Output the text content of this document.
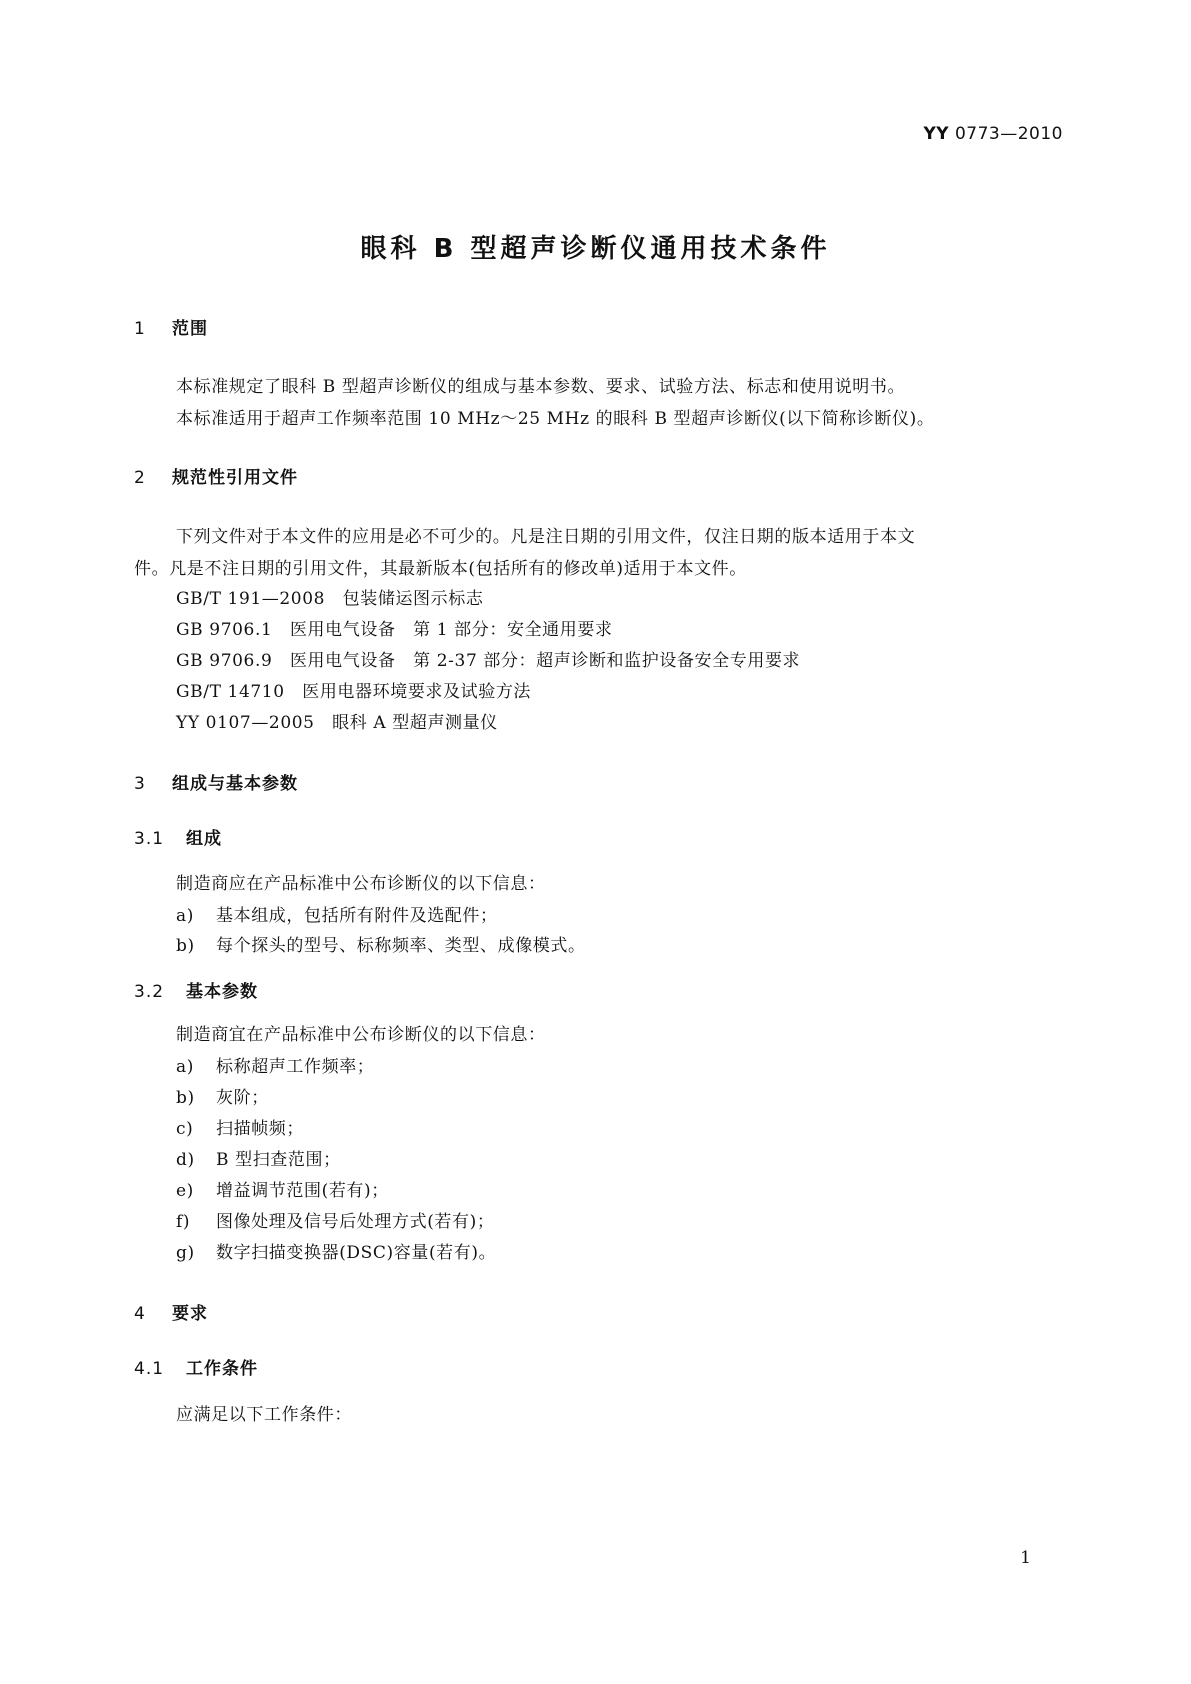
YY 0773—2010
眼科 B 型超声诊断仪通用技术条件
1 范围
本标准规定了眼科 B 型超声诊断仪的组成与基本参数、要求、试验方法、标志和使用说明书。
本标准适用于超声工作频率范围 10 MHz～25 MHz 的眼科 B 型超声诊断仪(以下简称诊断仪)。
2 规范性引用文件
下列文件对于本文件的应用是必不可少的。凡是注日期的引用文件，仅注日期的版本适用于本文
件。凡是不注日期的引用文件，其最新版本(包括所有的修改单)适用于本文件。
GB/T 191—2008　包装储运图示标志
GB 9706.1　医用电气设备　第 1 部分：安全通用要求
GB 9706.9　医用电气设备　第 2-37 部分：超声诊断和监护设备安全专用要求
GB/T 14710　医用电器环境要求及试验方法
YY 0107—2005　眼科 A 型超声测量仪
3 组成与基本参数
3.1 组成
制造商应在产品标准中公布诊断仪的以下信息：
a) 基本组成，包括所有附件及选配件；
b) 每个探头的型号、标称频率、类型、成像模式。
3.2 基本参数
制造商宜在产品标准中公布诊断仪的以下信息：
a) 标称超声工作频率；
b) 灰阶；
c) 扫描帧频；
d) B 型扫查范围；
e) 增益调节范围(若有)；
f) 图像处理及信号后处理方式(若有)；
g) 数字扫描变换器(DSC)容量(若有)。
4 要求
4.1 工作条件
应满足以下工作条件：
1
